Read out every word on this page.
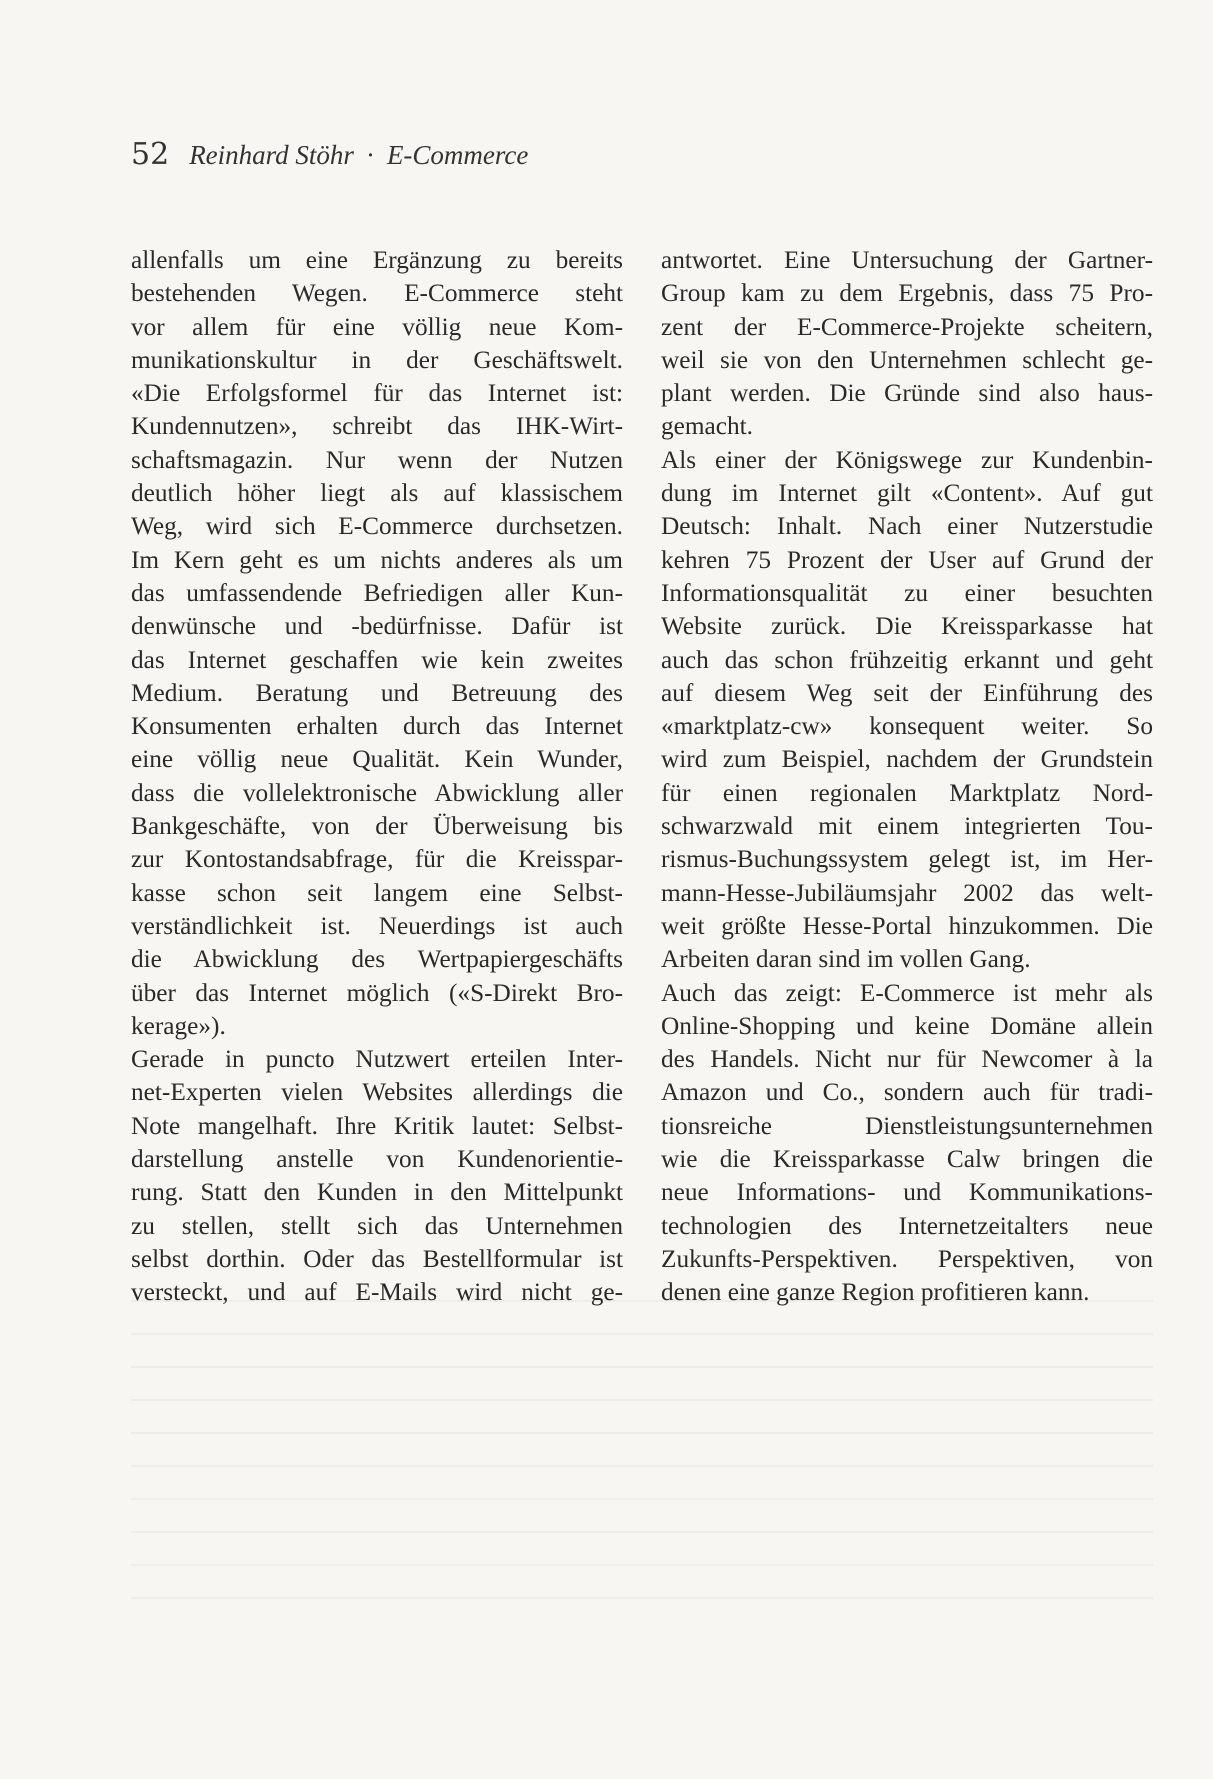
52 Reinhard Stöhr · E-Commerce
allenfalls um eine Ergänzung zu bereits
bestehenden Wegen. E-Commerce steht
vor allem für eine völlig neue Kom-
munikationskultur in der Geschäftswelt.
«Die Erfolgsformel für das Internet ist:
Kundennutzen», schreibt das IHK-Wirt-
schaftsmagazin. Nur wenn der Nutzen
deutlich höher liegt als auf klassischem
Weg, wird sich E-Commerce durchsetzen.
Im Kern geht es um nichts anderes als um
das umfassendende Befriedigen aller Kun-
denwünsche und -bedürfnisse. Dafür ist
das Internet geschaffen wie kein zweites
Medium. Beratung und Betreuung des
Konsumenten erhalten durch das Internet
eine völlig neue Qualität. Kein Wunder,
dass die vollelektronische Abwicklung aller
Bankgeschäfte, von der Überweisung bis
zur Kontostandsabfrage, für die Kreisspar-
kasse schon seit langem eine Selbst-
verständlichkeit ist. Neuerdings ist auch
die Abwicklung des Wertpapiergeschäfts
über das Internet möglich («S-Direkt Bro-
kerage»).
Gerade in puncto Nutzwert erteilen Inter-
net-Experten vielen Websites allerdings die
Note mangelhaft. Ihre Kritik lautet: Selbst-
darstellung anstelle von Kundenorientie-
rung. Statt den Kunden in den Mittelpunkt
zu stellen, stellt sich das Unternehmen
selbst dorthin. Oder das Bestellformular ist
versteckt, und auf E-Mails wird nicht ge-
antwortet. Eine Untersuchung der Gartner-
Group kam zu dem Ergebnis, dass 75 Pro-
zent der E-Commerce-Projekte scheitern,
weil sie von den Unternehmen schlecht ge-
plant werden. Die Gründe sind also haus-
gemacht.
Als einer der Königswege zur Kundenbin-
dung im Internet gilt «Content». Auf gut
Deutsch: Inhalt. Nach einer Nutzerstudie
kehren 75 Prozent der User auf Grund der
Informationsqualität zu einer besuchten
Website zurück. Die Kreissparkasse hat
auch das schon frühzeitig erkannt und geht
auf diesem Weg seit der Einführung des
«marktplatz-cw» konsequent weiter. So
wird zum Beispiel, nachdem der Grundstein
für einen regionalen Marktplatz Nord-
schwarzwald mit einem integrierten Tou-
rismus-Buchungssystem gelegt ist, im Her-
mann-Hesse-Jubiläumsjahr 2002 das welt-
weit größte Hesse-Portal hinzukommen. Die
Arbeiten daran sind im vollen Gang.
Auch das zeigt: E-Commerce ist mehr als
Online-Shopping und keine Domäne allein
des Handels. Nicht nur für Newcomer à la
Amazon und Co., sondern auch für tradi-
tionsreiche Dienstleistungsunternehmen
wie die Kreissparkasse Calw bringen die
neue Informations- und Kommunikations-
technologien des Internetzeitalters neue
Zukunfts-Perspektiven. Perspektiven, von
denen eine ganze Region profitieren kann.
